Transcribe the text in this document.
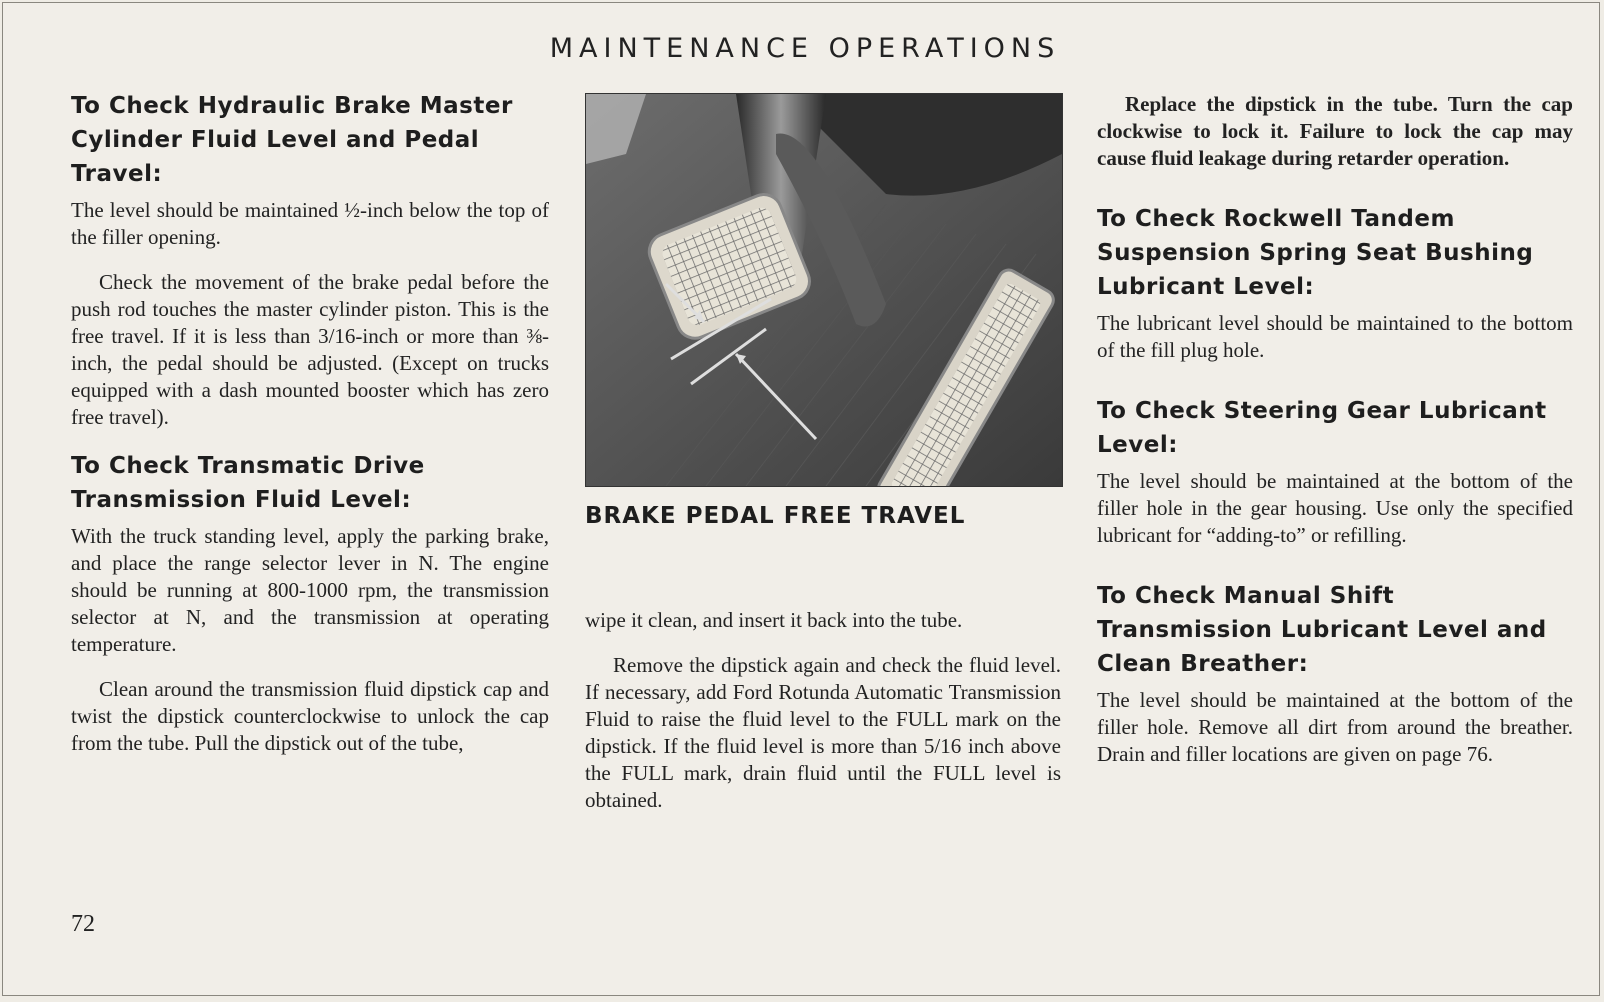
MAINTENANCE OPERATIONS
To Check Hydraulic Brake Master Cylinder Fluid Level and Pedal Travel:

The level should be maintained ½-inch below the top of the filler opening.

Check the movement of the brake pedal before the push rod touches the master cylinder piston. This is the free travel. If it is less than 3/16-inch or more than ⅜-inch, the pedal should be adjusted. (Except on trucks equipped with a dash mounted booster which has zero free travel).

To Check Transmatic Drive Transmission Fluid Level:

With the truck standing level, apply the parking brake, and place the range selector lever in N. The engine should be running at 800-1000 rpm, the transmission selector at N, and the transmission at operating temperature.

Clean around the transmission fluid dipstick cap and twist the dipstick counterclockwise to unlock the cap from the tube. Pull the dipstick out of the tube,

BRAKE PEDAL FREE TRAVEL

wipe it clean, and insert it back into the tube.

Remove the dipstick again and check the fluid level. If necessary, add Ford Rotunda Automatic Transmission Fluid to raise the fluid level to the FULL mark on the dipstick. If the fluid level is more than 5/16 inch above the FULL mark, drain fluid until the FULL level is obtained.

Replace the dipstick in the tube. Turn the cap clockwise to lock it. Failure to lock the cap may cause fluid leakage during retarder operation.

To Check Rockwell Tandem Suspension Spring Seat Bushing Lubricant Level:

The lubricant level should be maintained to the bottom of the fill plug hole.

To Check Steering Gear Lubricant Level:

The level should be maintained at the bottom of the filler hole in the gear housing. Use only the specified lubricant for “adding-to” or refilling.

To Check Manual Shift Transmission Lubricant Level and Clean Breather:

The level should be maintained at the bottom of the filler hole. Remove all dirt from around the breather. Drain and filler locations are given on page 76.

72
